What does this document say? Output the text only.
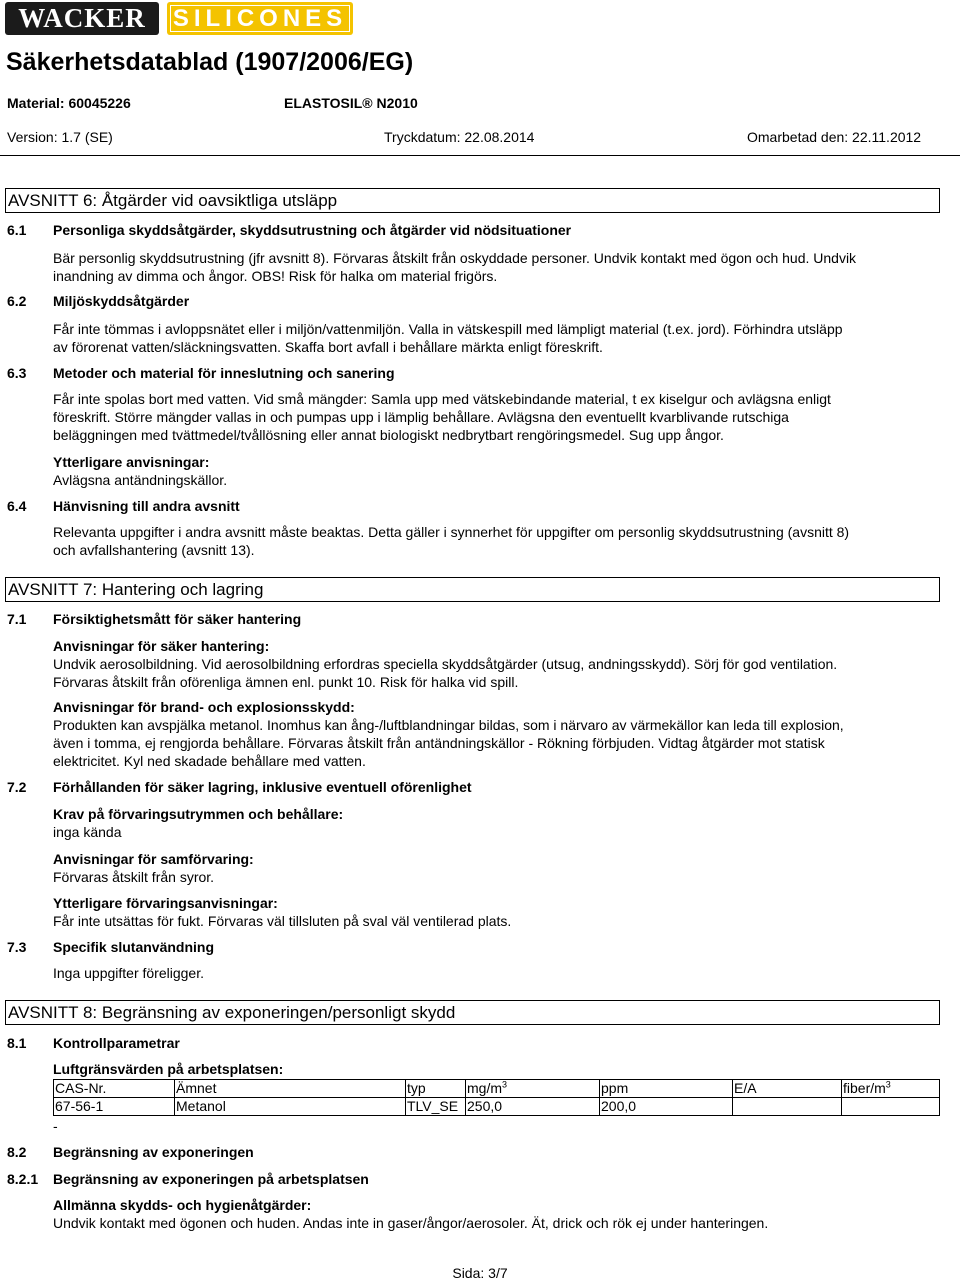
WACKER	SILICONES
Säkerhetsdatablad (1907/2006/EG)
Material: 60045226	ELASTOSIL® N2010
Version: 1.7 (SE)	Tryckdatum: 22.08.2014	Omarbetad den: 22.11.2012
AVSNITT 6: Åtgärder vid oavsiktliga utsläpp
6.1 Personliga skyddsåtgärder, skyddsutrustning och åtgärder vid nödsituationer
Bär personlig skyddsutrustning (jfr avsnitt 8). Förvaras åtskilt från oskyddade personer. Undvik kontakt med ögon och hud. Undvik
inandning av dimma och ångor. OBS! Risk för halka om material frigörs.
6.2 Miljöskyddsåtgärder
Får inte tömmas i avloppsnätet eller i miljön/vattenmiljön. Valla in vätskespill med lämpligt material (t.ex. jord). Förhindra utsläpp
av förorenat vatten/släckningsvatten. Skaffa bort avfall i behållare märkta enligt föreskrift.
6.3 Metoder och material för inneslutning och sanering
Får inte spolas bort med vatten. Vid små mängder: Samla upp med vätskebindande material, t ex kiselgur och avlägsna enligt
föreskrift. Större mängder vallas in och pumpas upp i lämplig behållare. Avlägsna den eventuellt kvarblivande rutschiga
beläggningen med tvättmedel/tvållösning eller annat biologiskt nedbrytbart rengöringsmedel. Sug upp ångor.
Ytterligare anvisningar:
Avlägsna antändningskällor.
6.4 Hänvisning till andra avsnitt
Relevanta uppgifter i andra avsnitt måste beaktas. Detta gäller i synnerhet för uppgifter om personlig skyddsutrustning (avsnitt 8)
och avfallshantering (avsnitt 13).
AVSNITT 7: Hantering och lagring
7.1 Försiktighetsmått för säker hantering
Anvisningar för säker hantering:
Undvik aerosolbildning. Vid aerosolbildning erfordras speciella skyddsåtgärder (utsug, andningsskydd). Sörj för god ventilation.
Förvaras åtskilt från oförenliga ämnen enl. punkt 10. Risk för halka vid spill.
Anvisningar för brand- och explosionsskydd:
Produkten kan avspjälka metanol. Inomhus kan ång-/luftblandningar bildas, som i närvaro av värmekällor kan leda till explosion,
även i tomma, ej rengjorda behållare. Förvaras åtskilt från antändningskällor - Rökning förbjuden. Vidtag åtgärder mot statisk
elektricitet. Kyl ned skadade behållare med vatten.
7.2 Förhållanden för säker lagring, inklusive eventuell oförenlighet
Krav på förvaringsutrymmen och behållare:
inga kända
Anvisningar för samförvaring:
Förvaras åtskilt från syror.
Ytterligare förvaringsanvisningar:
Får inte utsättas för fukt. Förvaras väl tillsluten på sval väl ventilerad plats.
7.3 Specifik slutanvändning
Inga uppgifter föreligger.
AVSNITT 8: Begränsning av exponeringen/personligt skydd
8.1 Kontrollparametrar
Luftgränsvärden på arbetsplatsen:
CAS-Nr.	Ämnet	typ	$mg/m^3$	ppm	E/A	fiber/$m^3$
67-56-1	Metanol	TLV_SE	250,0	200,0		
-
8.2 Begränsning av exponeringen
8.2.1 Begränsning av exponeringen på arbetsplatsen
Allmänna skydds- och hygienåtgärder:
Undvik kontakt med ögonen och huden. Andas inte in gaser/ångor/aerosoler. Ät, drick och rök ej under hanteringen.
Sida: 3/7
